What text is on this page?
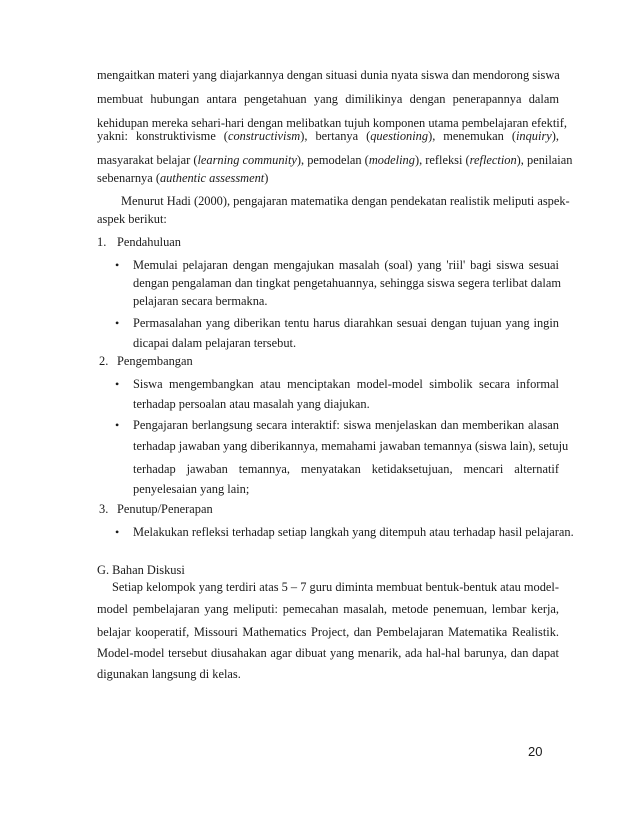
mengaitkan materi yang diajarkannya dengan situasi dunia nyata siswa dan mendorong siswa
membuat hubungan antara pengetahuan yang dimilikinya dengan penerapannya dalam
kehidupan mereka sehari-hari dengan melibatkan tujuh komponen utama pembelajaran efektif,
yakni: konstruktivisme (constructivism), bertanya (questioning), menemukan (inquiry),
masyarakat belajar (learning community), pemodelan (modeling), refleksi (reflection), penilaian
sebenarnya (authentic assessment)
Menurut Hadi (2000), pengajaran matematika dengan pendekatan realistik meliputi aspek-
aspek berikut:
1. Pendahuluan
• Memulai pelajaran dengan mengajukan masalah (soal) yang 'riil' bagi siswa sesuai
dengan pengalaman dan tingkat pengetahuannya, sehingga siswa segera terlibat dalam
pelajaran secara bermakna.
• Permasalahan yang diberikan tentu harus diarahkan sesuai dengan tujuan yang ingin
dicapai dalam pelajaran tersebut.
2. Pengembangan
• Siswa mengembangkan atau menciptakan model-model simbolik secara informal
terhadap persoalan atau masalah yang diajukan.
• Pengajaran berlangsung secara interaktif: siswa menjelaskan dan memberikan alasan
terhadap jawaban yang diberikannya, memahami jawaban temannya (siswa lain), setuju
terhadap jawaban temannya, menyatakan ketidaksetujuan, mencari alternatif
penyelesaian yang lain;
3. Penutup/Penerapan
• Melakukan refleksi terhadap setiap langkah yang ditempuh atau terhadap hasil pelajaran.
G. Bahan Diskusi
Setiap kelompok yang terdiri atas 5 – 7 guru diminta membuat bentuk-bentuk atau model-
model pembelajaran yang meliputi: pemecahan masalah, metode penemuan, lembar kerja,
belajar kooperatif, Missouri Mathematics Project, dan Pembelajaran Matematika Realistik.
Model-model tersebut diusahakan agar dibuat yang menarik, ada hal-hal barunya, dan dapat
digunakan langsung di kelas.
20
